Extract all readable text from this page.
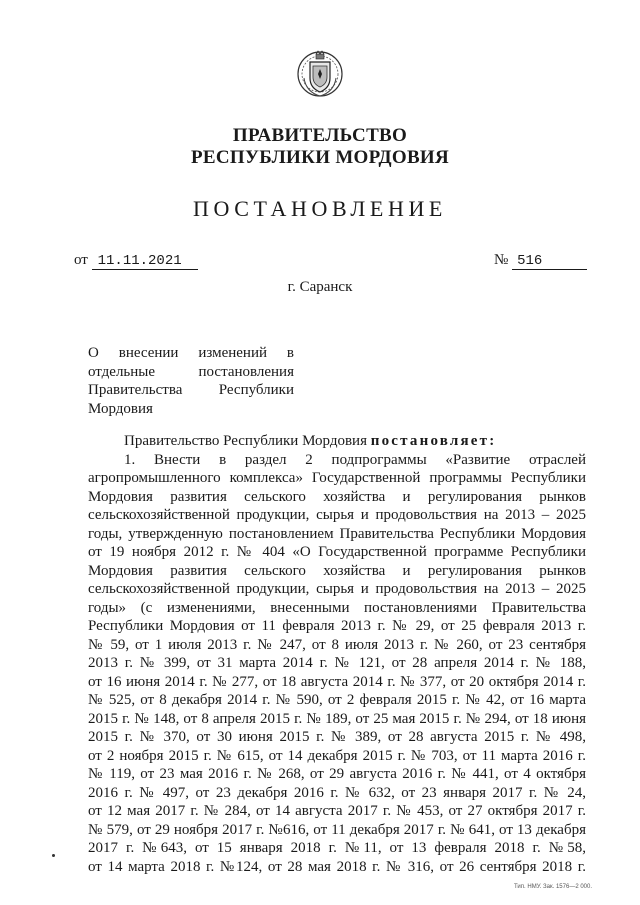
ПРАВИТЕЛЬСТВО
РЕСПУБЛИКИ МОРДОВИЯ
ПОСТАНОВЛЕНИЕ
от 11.11.2021	№ 516
г. Саранск
О внесении изменений в
отдельные постановления
Правительства Республики
Мордовия
Правительство Республики Мордовия постановляет:
1. Внести в раздел 2 подпрограммы «Развитие отраслей
агропромышленного комплекса» Государственной программы Республики
Мордовия развития сельского хозяйства и регулирования рынков
сельскохозяйственной продукции, сырья и продовольствия на 2013 – 2025
годы, утвержденную постановлением Правительства Республики Мордовия
от 19 ноября 2012 г. № 404 «О Государственной программе Республики
Мордовия развития сельского хозяйства и регулирования рынков
сельскохозяйственной продукции, сырья и продовольствия на 2013 – 2025
годы» (с изменениями, внесенными постановлениями Правительства
Республики Мордовия от 11 февраля 2013 г. № 29, от 25 февраля 2013 г.
№ 59, от 1 июля 2013 г. № 247, от 8 июля 2013 г. № 260, от 23 сентября
2013 г. № 399, от 31 марта 2014 г. № 121, от 28 апреля 2014 г. № 188,
от 16 июня 2014 г. № 277, от 18 августа 2014 г. № 377, от 20 октября 2014 г.
№ 525, от 8 декабря 2014 г. № 590, от 2 февраля 2015 г. № 42, от 16 марта
2015 г. № 148, от 8 апреля 2015 г. № 189, от 25 мая 2015 г. № 294, от 18 июня
2015 г. № 370, от 30 июня 2015 г. № 389, от 28 августа 2015 г. № 498,
от 2 ноября 2015 г. № 615, от 14 декабря 2015 г. № 703, от 11 марта 2016 г.
№ 119, от 23 мая 2016 г. № 268, от 29 августа 2016 г. № 441, от 4 октября
2016 г. № 497, от 23 декабря 2016 г. № 632, от 23 января 2017 г. № 24,
от 12 мая 2017 г. № 284, от 14 августа 2017 г. № 453, от 27 октября 2017 г.
№ 579, от 29 ноября 2017 г. №616, от 11 декабря 2017 г. № 641, от 13 декабря
2017 г. №643, от 15 января 2018 г. №11, от 13 февраля 2018 г. №58,
от 14 марта 2018 г. №124, от 28 мая 2018 г. № 316, от 26 сентября 2018 г.
Тип. НМУ. Зак. 1576—2 000.
